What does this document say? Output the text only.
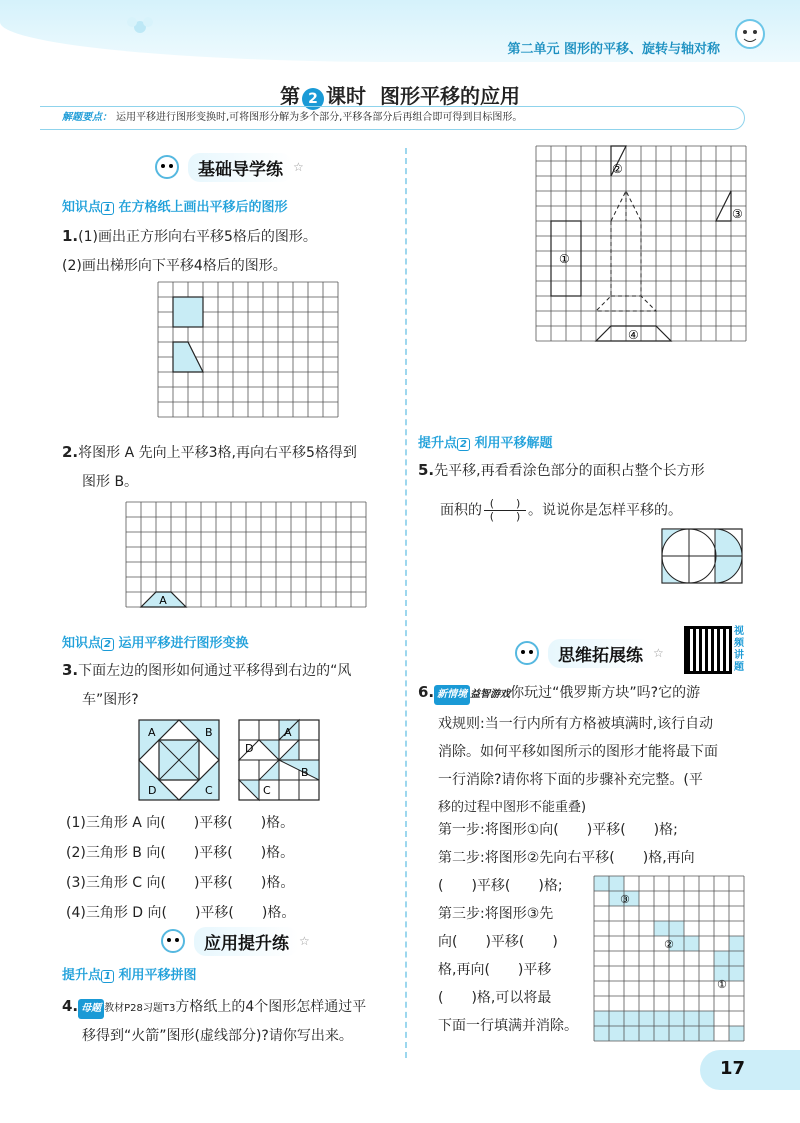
第二单元 图形的平移、旋转与轴对称
第 2 课时 图形平移的应用
解题要点： 运用平移进行图形变换时,可将图形分解为多个部分,平移各部分后再组合即可得到目标图形。
基础导学练 ☆
知识点 1 在方格纸上画出平移后的图形
1.(1)画出正方形向右平移5格后的图形。
(2)画出梯形向下平移4格后的图形。
2.将图形 A 先向上平移3格,再向右平移5格得到
图形 B。
A
知识点 2 运用平移进行图形变换
3.下面左边的图形如何通过平移得到右边的“风
车”图形?
A	B
C
D
A
B
C
D
(1)三角形 A 向(　　)平移(　　)格。
(2)三角形 B 向(　　)平移(　　)格。
(3)三角形 C 向(　　)平移(　　)格。
(4)三角形 D 向(　　)平移(　　)格。
应用提升练 ☆
提升点 1 利用平移拼图
4. 母题 教材P28习题T3方格纸上的4个图形怎样通过平
移得到“火箭”图形(虚线部分)?请你写出来。
①
②
③
④
提升点 2 利用平移解题
5.先平移,再看看涂色部分的面积占整个长方形
面积的 (　　)
(　　) 。说说你是怎样平移的。
思维拓展练 ☆
视频讲题
6. 新情境 益智游戏你玩过“俄罗斯方块”吗?它的游
戏规则:当一行内所有方格被填满时,该行自动
消除。如何平移如图所示的图形才能将最下面
一行消除?请你将下面的步骤补充完整。(平
移的过程中图形不能重叠)
第一步:将图形①向(　　)平移(　　)格;
第二步:将图形②先向右平移(　　)格,再向
(　　)平移(　　)格;
第三步:将图形③先
向(　　)平移(　　)
格,再向(　　)平移
(　　)格,可以将最
下面一行填满并消除。
③
②
①
17
